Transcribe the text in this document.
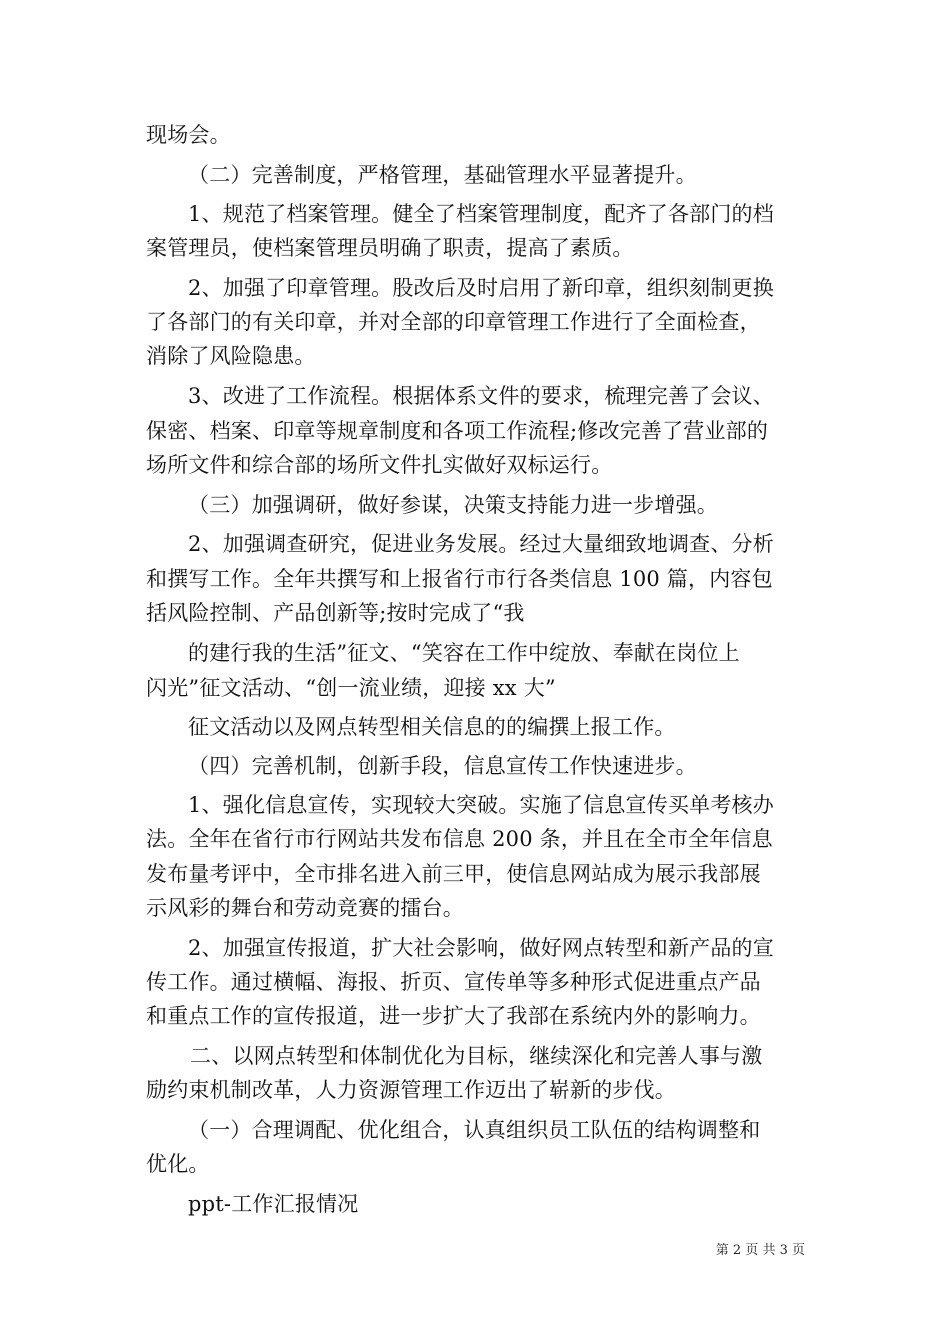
现场会。
（二）完善制度，严格管理，基础管理水平显著提升。
1、规范了档案管理。健全了档案管理制度，配齐了各部门的档
案管理员，使档案管理员明确了职责，提高了素质。
2、加强了印章管理。股改后及时启用了新印章，组织刻制更换
了各部门的有关印章，并对全部的印章管理工作进行了全面检查，
消除了风险隐患。
3、改进了工作流程。根据体系文件的要求，梳理完善了会议、
保密、档案、印章等规章制度和各项工作流程;修改完善了营业部的
场所文件和综合部的场所文件扎实做好双标运行。
（三）加强调研，做好参谋，决策支持能力进一步增强。
2、加强调查研究，促进业务发展。经过大量细致地调查、分析
和撰写工作。全年共撰写和上报省行市行各类信息 100 篇，内容包
括风险控制、产品创新等;按时完成了“我
的建行我的生活”征文、“笑容在工作中绽放、奉献在岗位上
闪光”征文活动、“创一流业绩，迎接 xx 大”
征文活动以及网点转型相关信息的的编撰上报工作。
（四）完善机制，创新手段，信息宣传工作快速进步。
1、强化信息宣传，实现较大突破。实施了信息宣传买单考核办
法。全年在省行市行网站共发布信息 200 条，并且在全市全年信息
发布量考评中，全市排名进入前三甲，使信息网站成为展示我部展
示风彩的舞台和劳动竞赛的擂台。
2、加强宣传报道，扩大社会影响，做好网点转型和新产品的宣
传工作。通过横幅、海报、折页、宣传单等多种形式促进重点产品
和重点工作的宣传报道，进一步扩大了我部在系统内外的影响力。
二、以网点转型和体制优化为目标，继续深化和完善人事与激
励约束机制改革，人力资源管理工作迈出了崭新的步伐。
（一）合理调配、优化组合，认真组织员工队伍的结构调整和
优化。
ppt-工作汇报情况
第 2 页 共 3 页
